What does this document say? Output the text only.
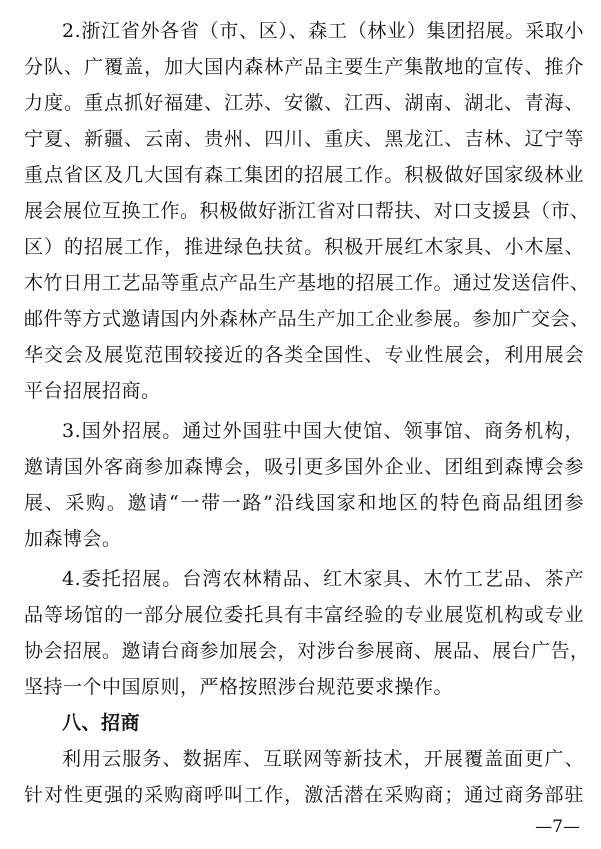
2.浙江省外各省（市、区）、森工（林业）集团招展。采取小
分队、广覆盖，加大国内森林产品主要生产集散地的宣传、推介
力度。重点抓好福建、江苏、安徽、江西、湖南、湖北、青海、
宁夏、新疆、云南、贵州、四川、重庆、黑龙江、吉林、辽宁等
重点省区及几大国有森工集团的招展工作。积极做好国家级林业
展会展位互换工作。积极做好浙江省对口帮扶、对口支援县（市、
区）的招展工作，推进绿色扶贫。积极开展红木家具、小木屋、
木竹日用工艺品等重点产品生产基地的招展工作。通过发送信件、
邮件等方式邀请国内外森林产品生产加工企业参展。参加广交会、
华交会及展览范围较接近的各类全国性、专业性展会，利用展会
平台招展招商。
3.国外招展。通过外国驻中国大使馆、领事馆、商务机构，
邀请国外客商参加森博会，吸引更多国外企业、团组到森博会参
展、采购。邀请“一带一路”沿线国家和地区的特色商品组团参
加森博会。
4.委托招展。台湾农林精品、红木家具、木竹工艺品、茶产
品等场馆的一部分展位委托具有丰富经验的专业展览机构或专业
协会招展。邀请台商参加展会，对涉台参展商、展品、展台广告，
坚持一个中国原则，严格按照涉台规范要求操作。
八、招商
利用云服务、数据库、互联网等新技术，开展覆盖面更广、
针对性更强的采购商呼叫工作，激活潜在采购商；通过商务部驻
—7—
